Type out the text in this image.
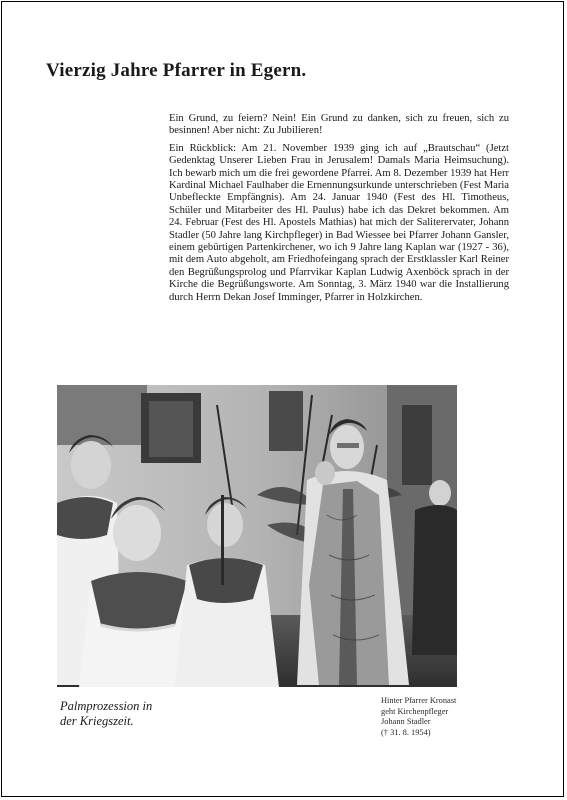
Vierzig Jahre Pfarrer in Egern.

Ein Grund, zu feiern? Nein! Ein Grund zu danken, sich zu freuen, sich zu besinnen! Aber nicht: Zu Jubilieren!

Ein Rückblick: Am 21. November 1939 ging ich auf „Brautschau“ (Jetzt Gedenktag Unserer Lieben Frau in Jerusalem! Damals Maria Heimsuchung). Ich bewarb mich um die frei gewordene Pfarrei. Am 8. Dezember 1939 hat Herr Kardinal Michael Faulhaber die Ernennungsurkunde unterschrieben (Fest Maria Unbefleckte Empfängnis). Am 24. Januar 1940 (Fest des Hl. Timotheus, Schüler und Mitarbeiter des Hl. Paulus) habe ich das Dekret bekommen. Am 24. Februar (Fest des Hl. Apostels Mathias) hat mich der Saliterervater, Johann Stadler (50 Jahre lang Kirchpfleger) in Bad Wiessee bei Pfarrer Johann Gansler, einem gebürtigen Partenkirchener, wo ich 9 Jahre lang Kaplan war (1927 - 36), mit dem Auto abgeholt, am Friedhofeingang sprach der Erstklassler Karl Reiner den Begrüßungsprolog und Pfarrvikar Kaplan Ludwig Axenböck sprach in der Kirche die Begrüßungsworte. Am Sonntag, 3. März 1940 war die Installierung durch Herrn Dekan Josef Imminger, Pfarrer in Holzkirchen.

Palmprozession in
der Kriegszeit.
Hinter Pfarrer Kronast
geht Kirchenpfleger
Johann Stadler
(† 31. 8. 1954)
